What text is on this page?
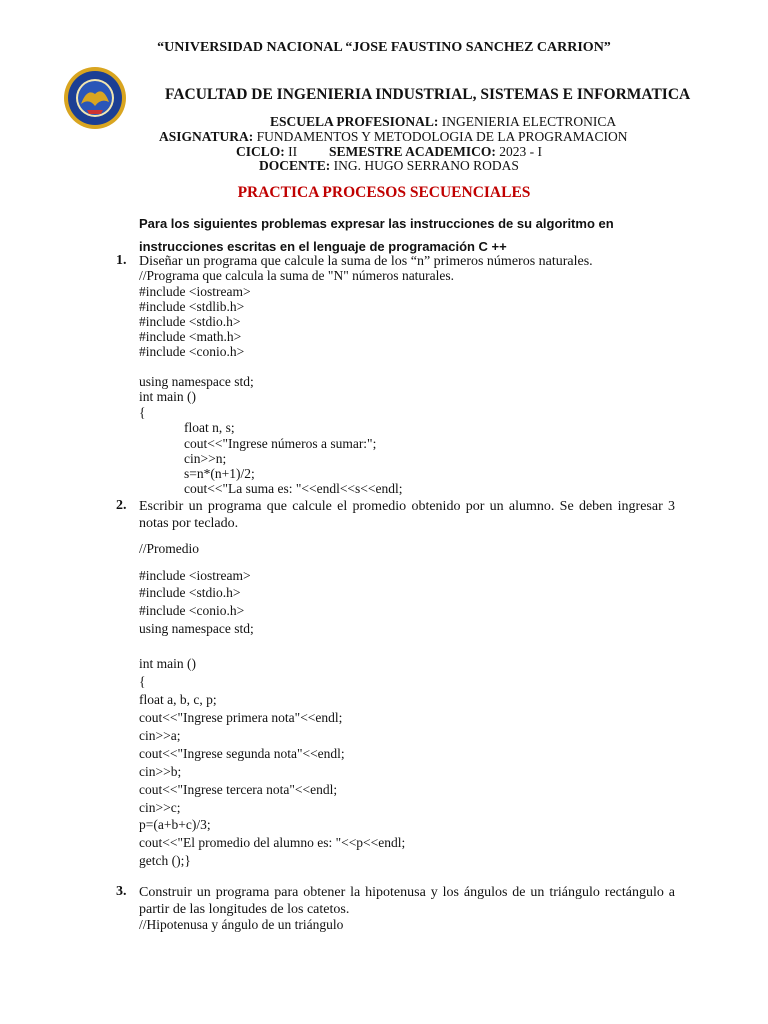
“UNIVERSIDAD NACIONAL “JOSE FAUSTINO SANCHEZ CARRION”
FACULTAD DE INGENIERIA INDUSTRIAL, SISTEMAS E INFORMATICA
ESCUELA PROFESIONAL: INGENIERIA ELECTRONICA
ASIGNATURA: FUNDAMENTOS Y METODOLOGIA DE LA PROGRAMACION
CICLO: II SEMESTRE ACADEMICO: 2023 - I
DOCENTE: ING. HUGO SERRANO RODAS
PRACTICA PROCESOS SECUENCIALES
Para los siguientes problemas expresar las instrucciones de su algoritmo en instrucciones escritas en el lenguaje de programación C ++
1. Diseñar un programa que calcule la suma de los “n” primeros números naturales.
//Programa que calcula la suma de "N" números naturales.
#include <iostream>
#include <stdlib.h>
#include <stdio.h>
#include <math.h>
#include <conio.h>
using namespace std;
int main ()
{
float n, s;
cout<<"Ingrese números a sumar:";
cin>>n;
s=n*(n+1)/2;
cout<<"La suma es: "<<endl<<s<<endl;
2. Escribir un programa que calcule el promedio obtenido por un alumno. Se deben ingresar 3 notas por teclado.
//Promedio
#include <iostream>
#include <stdio.h>
#include <conio.h>
using namespace std;
int main ()
{
float a, b, c, p;
cout<<"Ingrese primera nota"<<endl;
cin>>a;
cout<<"Ingrese segunda nota"<<endl;
cin>>b;
cout<<"Ingrese tercera nota"<<endl;
cin>>c;
p=(a+b+c)/3;
cout<<"El promedio del alumno es: "<<p<<endl;
getch ();}
3. Construir un programa para obtener la hipotenusa y los ángulos de un triángulo rectángulo a partir de las longitudes de los catetos.
//Hipotenusa y ángulo de un triángulo
